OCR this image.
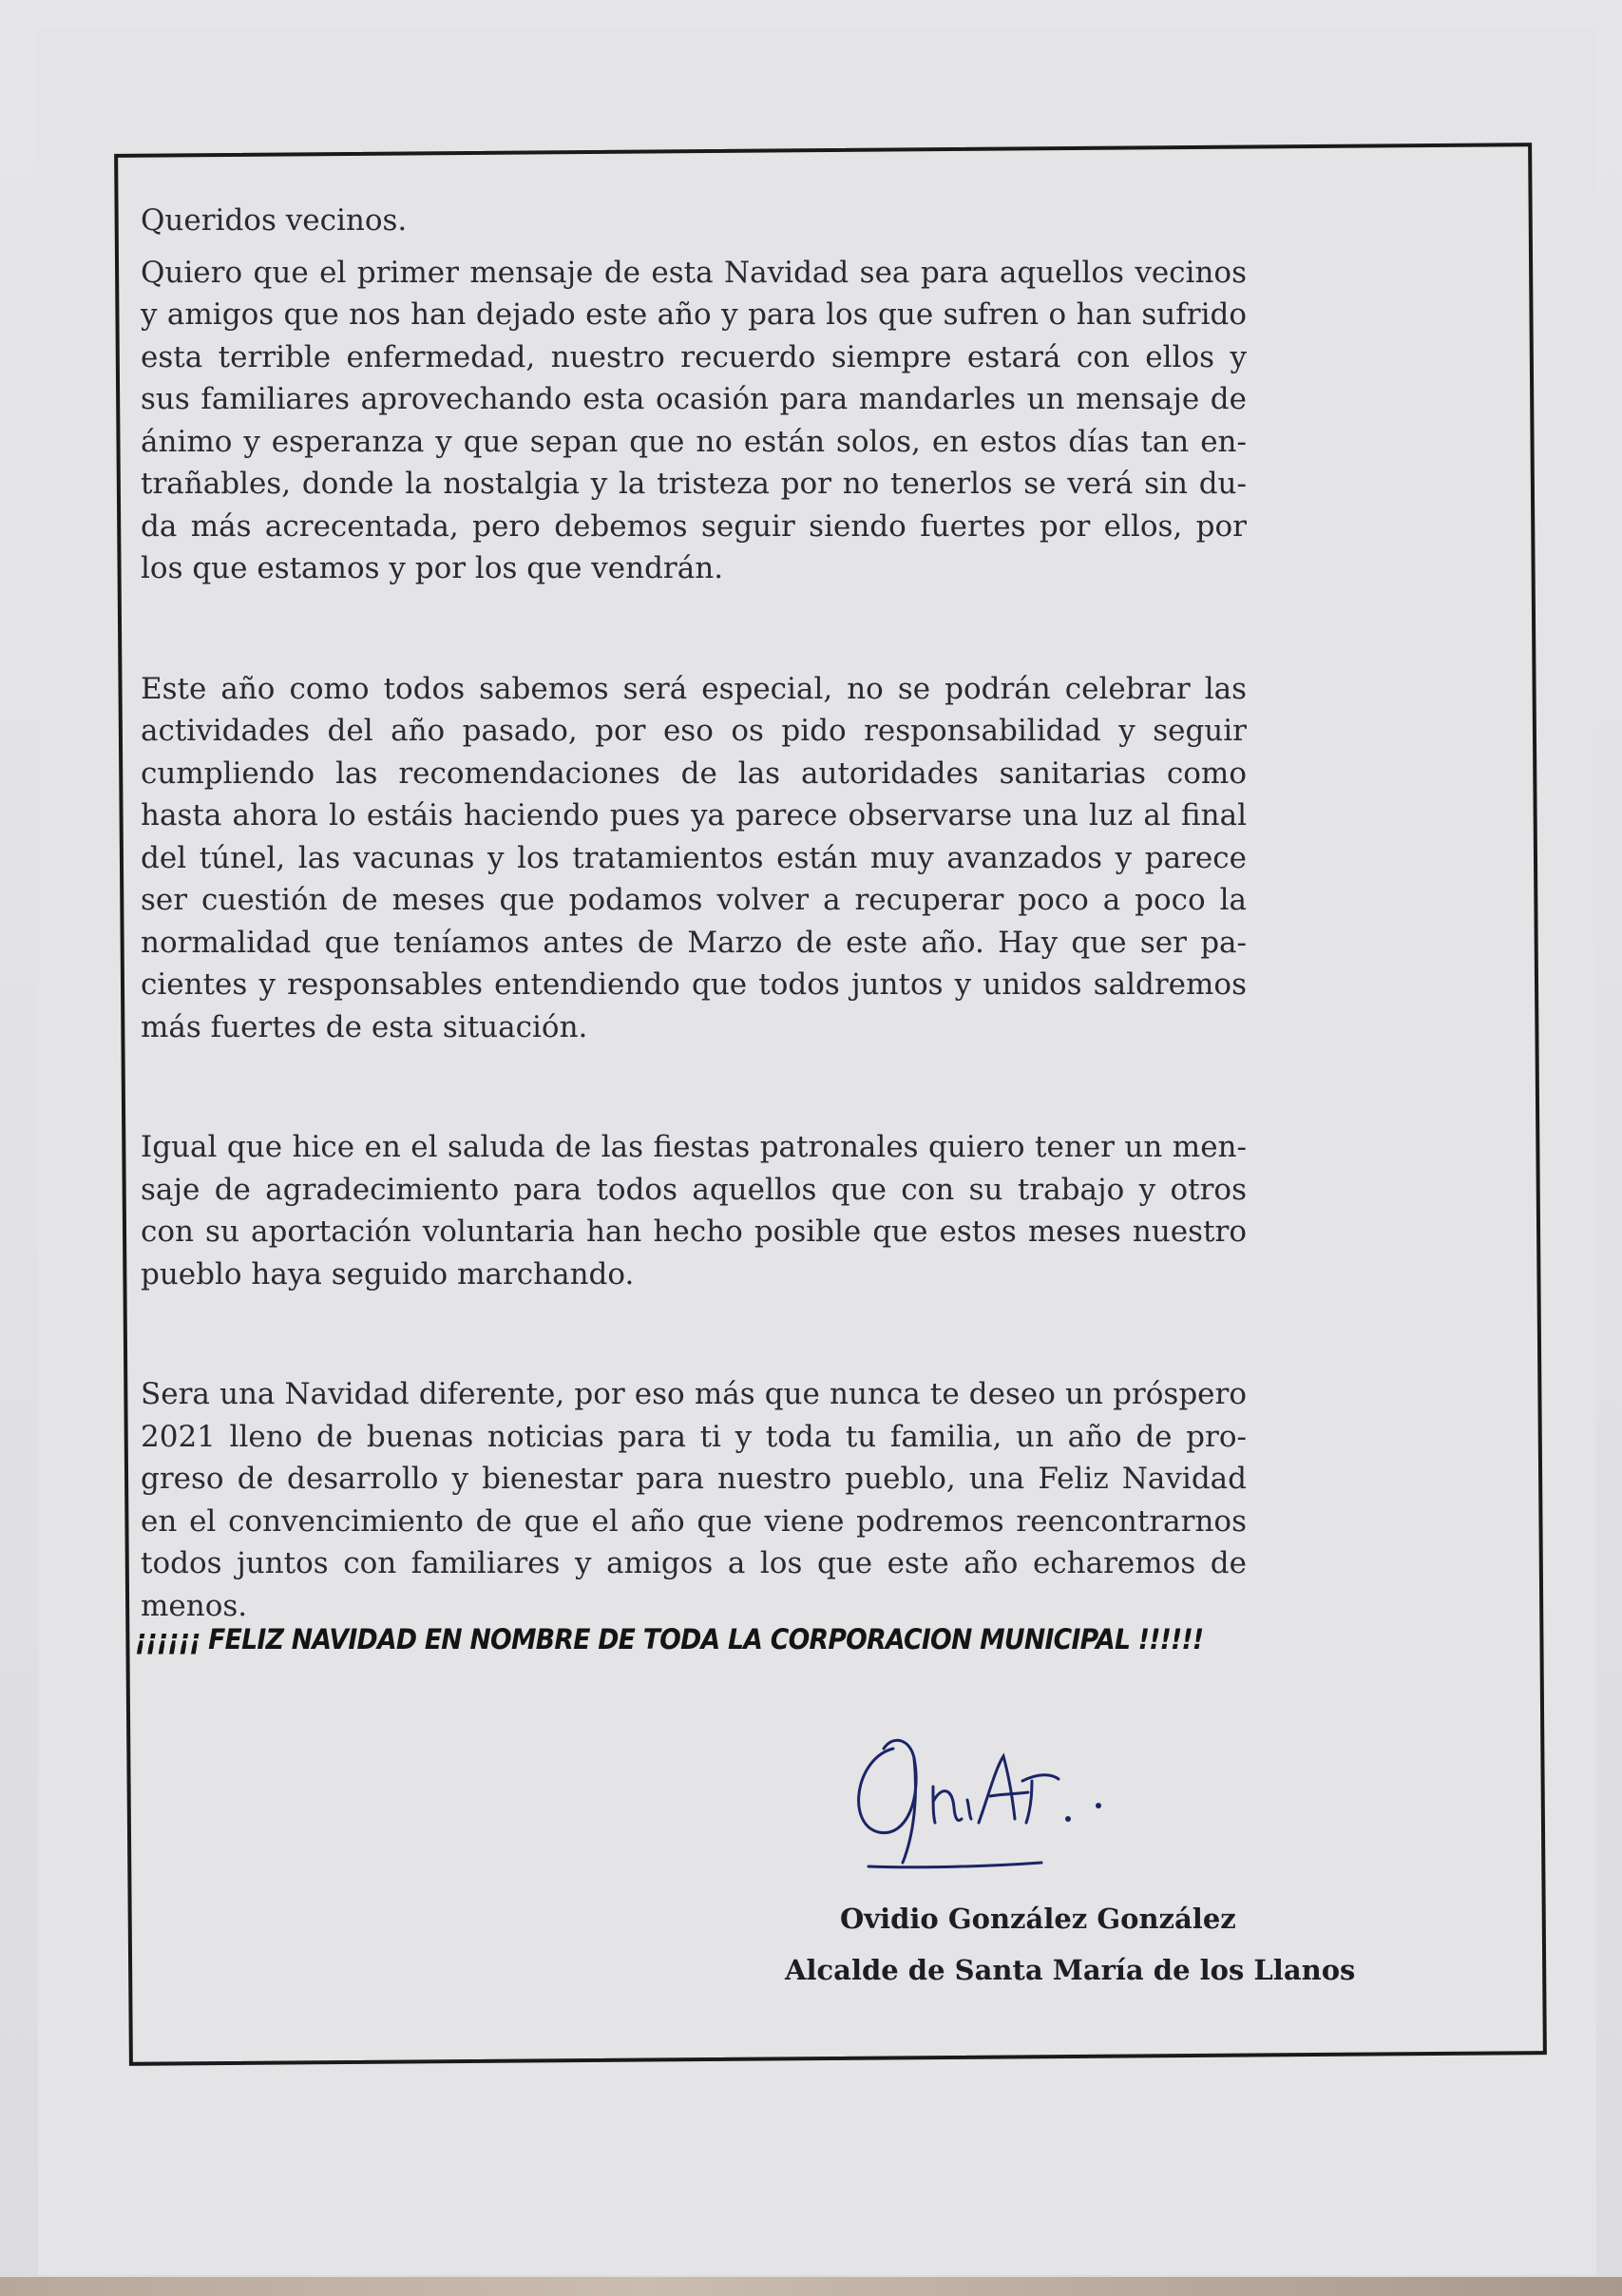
Queridos vecinos.

Quiero que el primer mensaje de esta Navidad sea para aquellos vecinos y amigos que nos han dejado este año y para los que sufren o han sufrido esta terrible enfermedad, nuestro recuerdo siempre estará con ellos y sus familiares aprovechando esta ocasión para mandarles un mensaje de ánimo y esperanza y que sepan que no están solos, en estos días tan entrañables, donde la nostalgia y la tristeza por no tenerlos se verá sin duda más acrecentada, pero debemos seguir siendo fuertes por ellos, por los que estamos y por los que vendrán.

Este año como todos sabemos será especial, no se podrán celebrar las actividades del año pasado, por eso os pido responsabilidad y seguir cumpliendo las recomendaciones de las autoridades sanitarias como hasta ahora lo estáis haciendo pues ya parece observarse una luz al final del túnel, las vacunas y los tratamientos están muy avanzados y parece ser cuestión de meses que podamos volver a recuperar poco a poco la normalidad que teníamos antes de Marzo de este año. Hay que ser pacientes y responsables entendiendo que todos juntos y unidos saldremos más fuertes de esta situación.

Igual que hice en el saluda de las fiestas patronales quiero tener un mensaje de agradecimiento para todos aquellos que con su trabajo y otros con su aportación voluntaria han hecho posible que estos meses nuestro pueblo haya seguido marchando.

Sera una Navidad diferente, por eso más que nunca te deseo un próspero 2021 lleno de buenas noticias para ti y toda tu familia, un año de progreso de desarrollo y bienestar para nuestro pueblo, una Feliz Navidad en el convencimiento de que el año que viene podremos reencontrarnos todos juntos con familiares y amigos a los que este año echaremos de menos.

¡¡¡¡¡¡ FELIZ NAVIDAD EN NOMBRE DE TODA LA CORPORACION MUNICIPAL !!!!!!
Ovidio González González
Alcalde de Santa María de los Llanos
